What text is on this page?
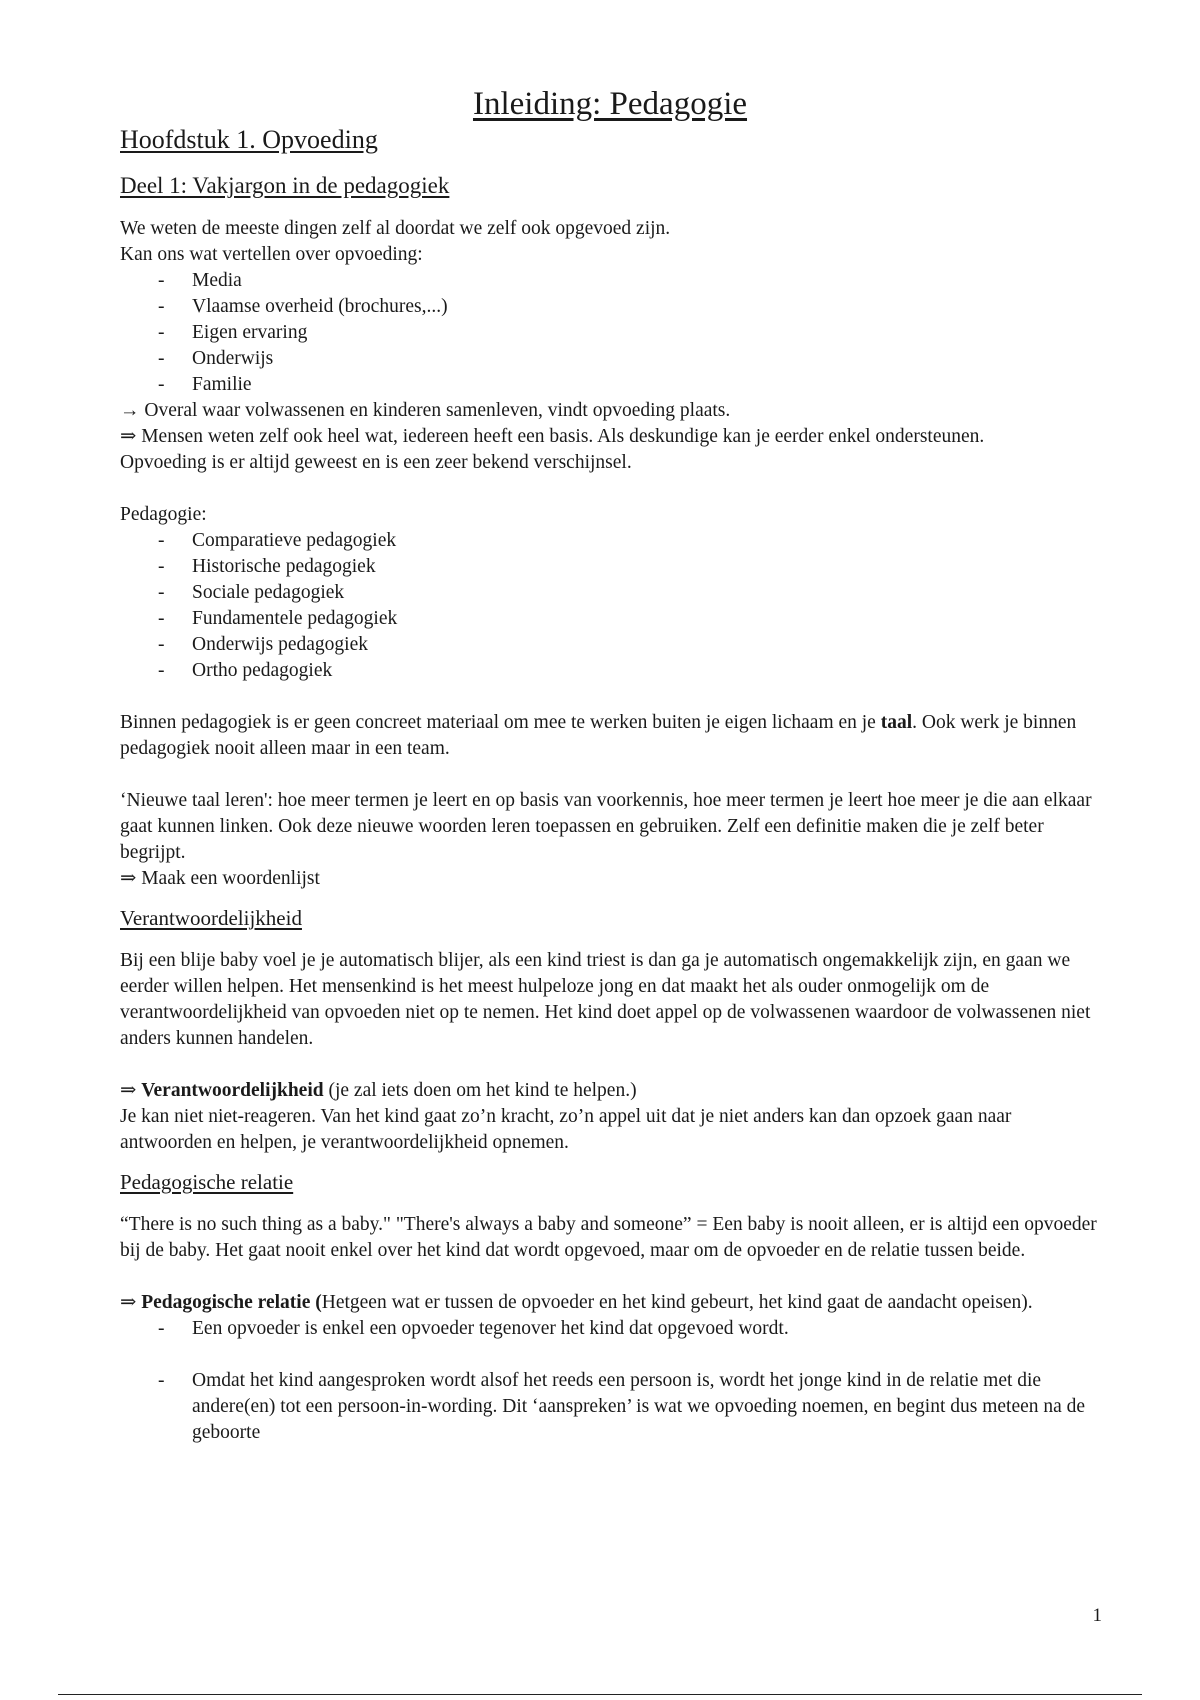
Inleiding: Pedagogie
Hoofdstuk 1. Opvoeding
Deel 1: Vakjargon in de pedagogiek

We weten de meeste dingen zelf al doordat we zelf ook opgevoed zijn.

Kan ons wat vertellen over opvoeding:

- Media
- Vlaamse overheid (brochures,...)
- Eigen ervaring
- Onderwijs
- Familie

→ Overal waar volwassenen en kinderen samenleven, vindt opvoeding plaats.

⇒ Mensen weten zelf ook heel wat, iedereen heeft een basis. Als deskundige kan je eerder enkel ondersteunen.

Opvoeding is er altijd geweest en is een zeer bekend verschijnsel.

Pedagogie:

- Comparatieve pedagogiek
- Historische pedagogiek
- Sociale pedagogiek
- Fundamentele pedagogiek
- Onderwijs pedagogiek
- Ortho pedagogiek

Binnen pedagogiek is er geen concreet materiaal om mee te werken buiten je eigen lichaam en je taal. Ook werk je binnen pedagogiek nooit alleen maar in een team.

‘Nieuwe taal leren': hoe meer termen je leert en op basis van voorkennis, hoe meer termen je leert hoe meer je die aan elkaar gaat kunnen linken. Ook deze nieuwe woorden leren toepassen en gebruiken. Zelf een definitie maken die je zelf beter begrijpt.

⇒ Maak een woordenlijst

Verantwoordelijkheid

Bij een blije baby voel je je automatisch blijer, als een kind triest is dan ga je automatisch ongemakkelijk zijn, en gaan we eerder willen helpen. Het mensenkind is het meest hulpeloze jong en dat maakt het als ouder onmogelijk om de verantwoordelijkheid van opvoeden niet op te nemen. Het kind doet appel op de volwassenen waardoor de volwassenen niet anders kunnen handelen.

⇒ Verantwoordelijkheid (je zal iets doen om het kind te helpen.)

Je kan niet niet-reageren. Van het kind gaat zo’n kracht, zo’n appel uit dat je niet anders kan dan opzoek gaan naar antwoorden en helpen, je verantwoordelijkheid opnemen.

Pedagogische relatie

“There is no such thing as a baby." "There's always a baby and someone” = Een baby is nooit alleen, er is altijd een opvoeder bij de baby. Het gaat nooit enkel over het kind dat wordt opgevoed, maar om de opvoeder en de relatie tussen beide.

⇒ Pedagogische relatie (Hetgeen wat er tussen de opvoeder en het kind gebeurt, het kind gaat de aandacht opeisen).

- Een opvoeder is enkel een opvoeder tegenover het kind dat opgevoed wordt.
- Omdat het kind aangesproken wordt alsof het reeds een persoon is, wordt het jonge kind in de relatie met die andere(en) tot een persoon-in-wording. Dit ‘aanspreken’ is wat we opvoeding noemen, en begint dus meteen na de geboorte
1
